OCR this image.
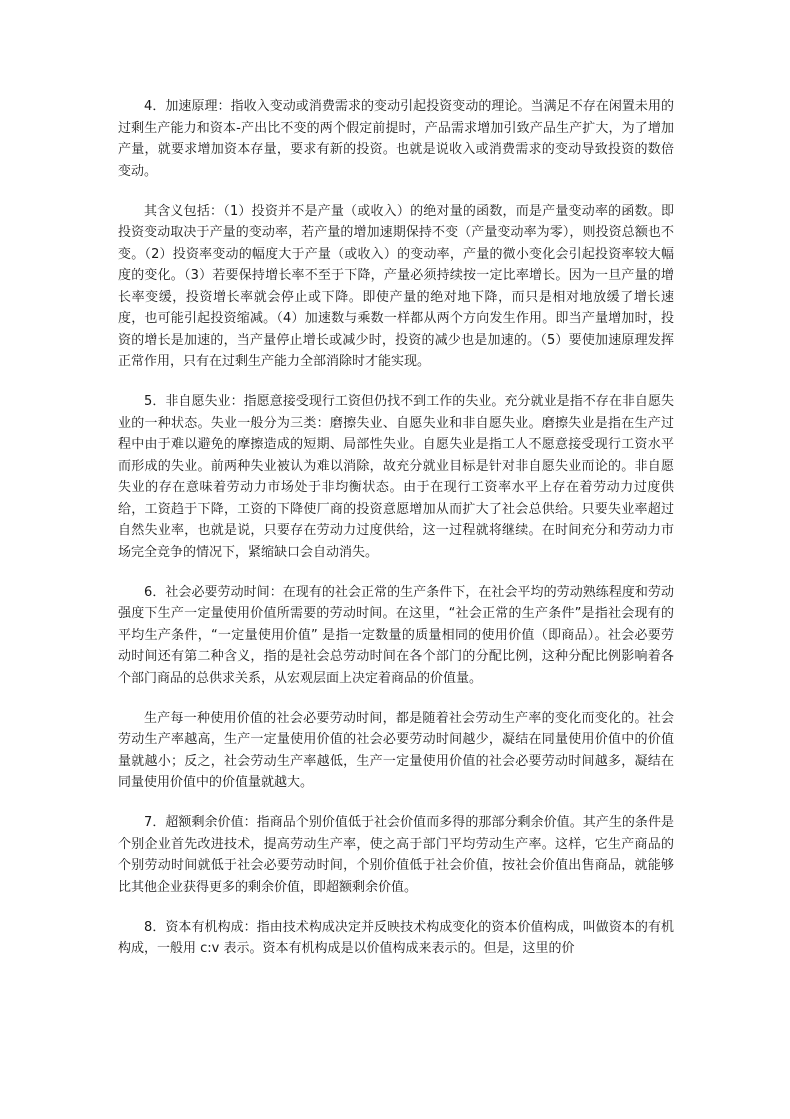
4．加速原理：指收入变动或消费需求的变动引起投资变动的理论。当满足不存在闲置未用的过剩生产能力和资本-产出比不变的两个假定前提时，产品需求增加引致产品生产扩大，为了增加产量，就要求增加资本存量，要求有新的投资。也就是说收入或消费需求的变动导致投资的数倍变动。

其含义包括：（1）投资并不是产量（或收入）的绝对量的函数，而是产量变动率的函数。即投资变动取决于产量的变动率，若产量的增加速期保持不变（产量变动率为零），则投资总额也不变。（2）投资率变动的幅度大于产量（或收入）的变动率，产量的微小变化会引起投资率较大幅度的变化。（3）若要保持增长率不至于下降，产量必须持续按一定比率增长。因为一旦产量的增长率变缓，投资增长率就会停止或下降。即使产量的绝对地下降，而只是相对地放缓了增长速度，也可能引起投资缩减。（4）加速数与乘数一样都从两个方向发生作用。即当产量增加时，投资的增长是加速的，当产量停止增长或减少时，投资的减少也是加速的。（5）要使加速原理发挥正常作用，只有在过剩生产能力全部消除时才能实现。

5．非自愿失业：指愿意接受现行工资但仍找不到工作的失业。充分就业是指不存在非自愿失业的一种状态。失业一般分为三类：磨擦失业、自愿失业和非自愿失业。磨擦失业是指在生产过程中由于难以避免的摩擦造成的短期、局部性失业。自愿失业是指工人不愿意接受现行工资水平而形成的失业。前两种失业被认为难以消除，故充分就业目标是针对非自愿失业而论的。非自愿失业的存在意味着劳动力市场处于非均衡状态。由于在现行工资率水平上存在着劳动力过度供给，工资趋于下降，工资的下降使厂商的投资意愿增加从而扩大了社会总供给。只要失业率超过自然失业率，也就是说，只要存在劳动力过度供给，这一过程就将继续。在时间充分和劳动力市场完全竞争的情况下，紧缩缺口会自动消失。

6．社会必要劳动时间：在现有的社会正常的生产条件下，在社会平均的劳动熟练程度和劳动强度下生产一定量使用价值所需要的劳动时间。在这里，“社会正常的生产条件”是指社会现有的平均生产条件，“一定量使用价值” 是指一定数量的质量相同的使用价值（即商品）。社会必要劳动时间还有第二种含义，指的是社会总劳动时间在各个部门的分配比例，这种分配比例影响着各个部门商品的总供求关系，从宏观层面上决定着商品的价值量。

生产每一种使用价值的社会必要劳动时间，都是随着社会劳动生产率的变化而变化的。社会劳动生产率越高，生产一定量使用价值的社会必要劳动时间越少，凝结在同量使用价值中的价值量就越小；反之，社会劳动生产率越低，生产一定量使用价值的社会必要劳动时间越多，凝结在同量使用价值中的价值量就越大。

7．超额剩余价值：指商品个别价值低于社会价值而多得的那部分剩余价值。其产生的条件是个别企业首先改进技术，提高劳动生产率，使之高于部门平均劳动生产率。这样，它生产商品的个别劳动时间就低于社会必要劳动时间，个别价值低于社会价值，按社会价值出售商品，就能够比其他企业获得更多的剩余价值，即超额剩余价值。

8．资本有机构成：指由技术构成决定并反映技术构成变化的资本价值构成，叫做资本的有机构成，一般用 c:v 表示。资本有机构成是以价值构成来表示的。但是，这里的价
